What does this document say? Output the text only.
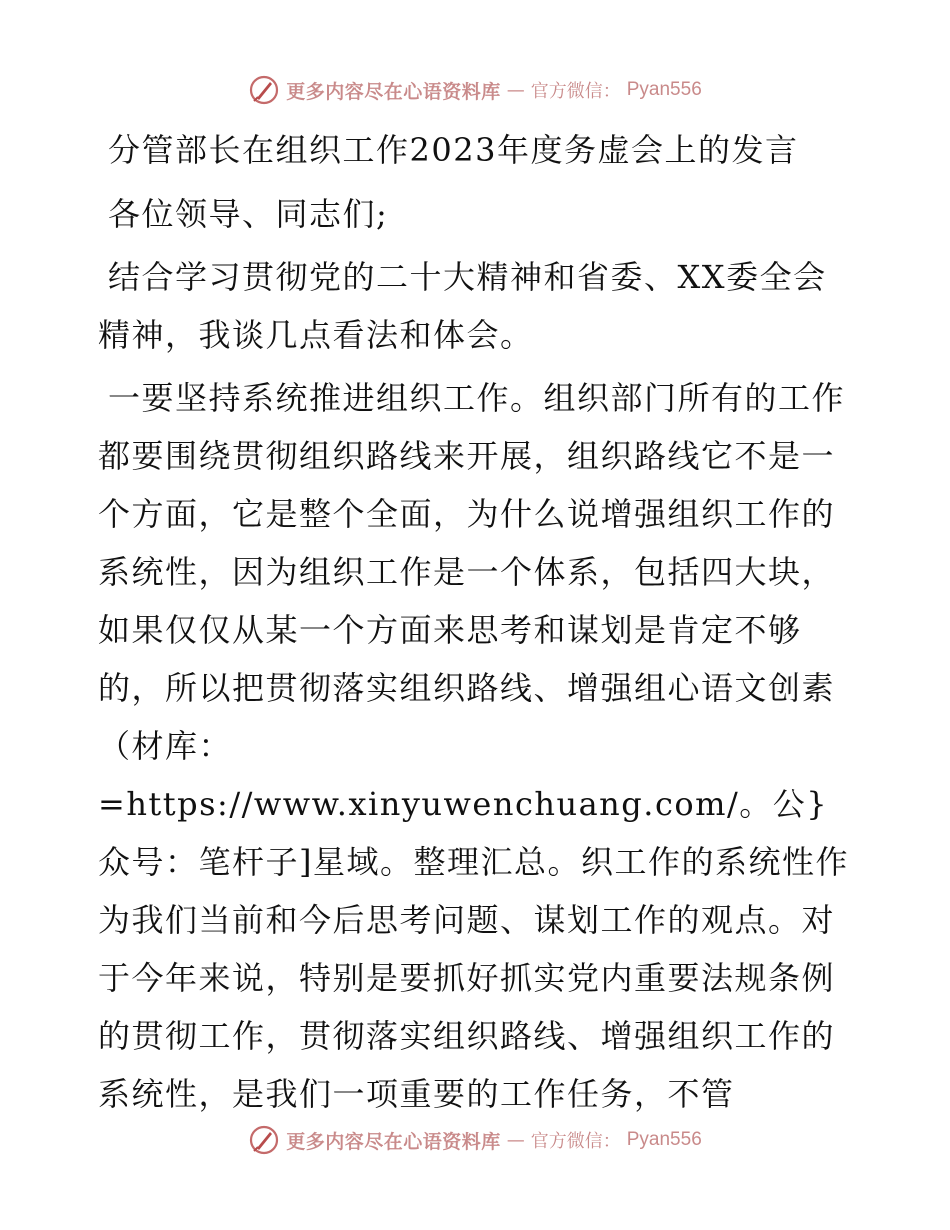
更多内容尽在心语资料库 — 官方微信： Pyan556
分管部长在组织工作2023年度务虚会上的发言

各位领导、同志们;

结合学习贯彻党的二十大精神和省委、XX委全会精神，我谈几点看法和体会。

一要坚持系统推进组织工作。组织部门所有的工作都要围绕贯彻组织路线来开展，组织路线它不是一个方面，它是整个全面，为什么说增强组织工作的系统性，因为组织工作是一个体系，包括四大块，如果仅仅从某一个方面来思考和谋划是肯定不够的，所以把贯彻落实组织路线、增强组心语文创素（材库：=https://www.xinyuwenchuang.com/。公}众号：笔杆子]星域。整理汇总。织工作的系统性作为我们当前和今后思考问题、谋划工作的观点。对于今年来说，特别是要抓好抓实党内重要法规条例的贯彻工作，贯彻落实组织路线、增强组织工作的系统性，是我们一项重要的工作任务，不管

更多内容尽在心语资料库 — 官方微信： Pyan556
